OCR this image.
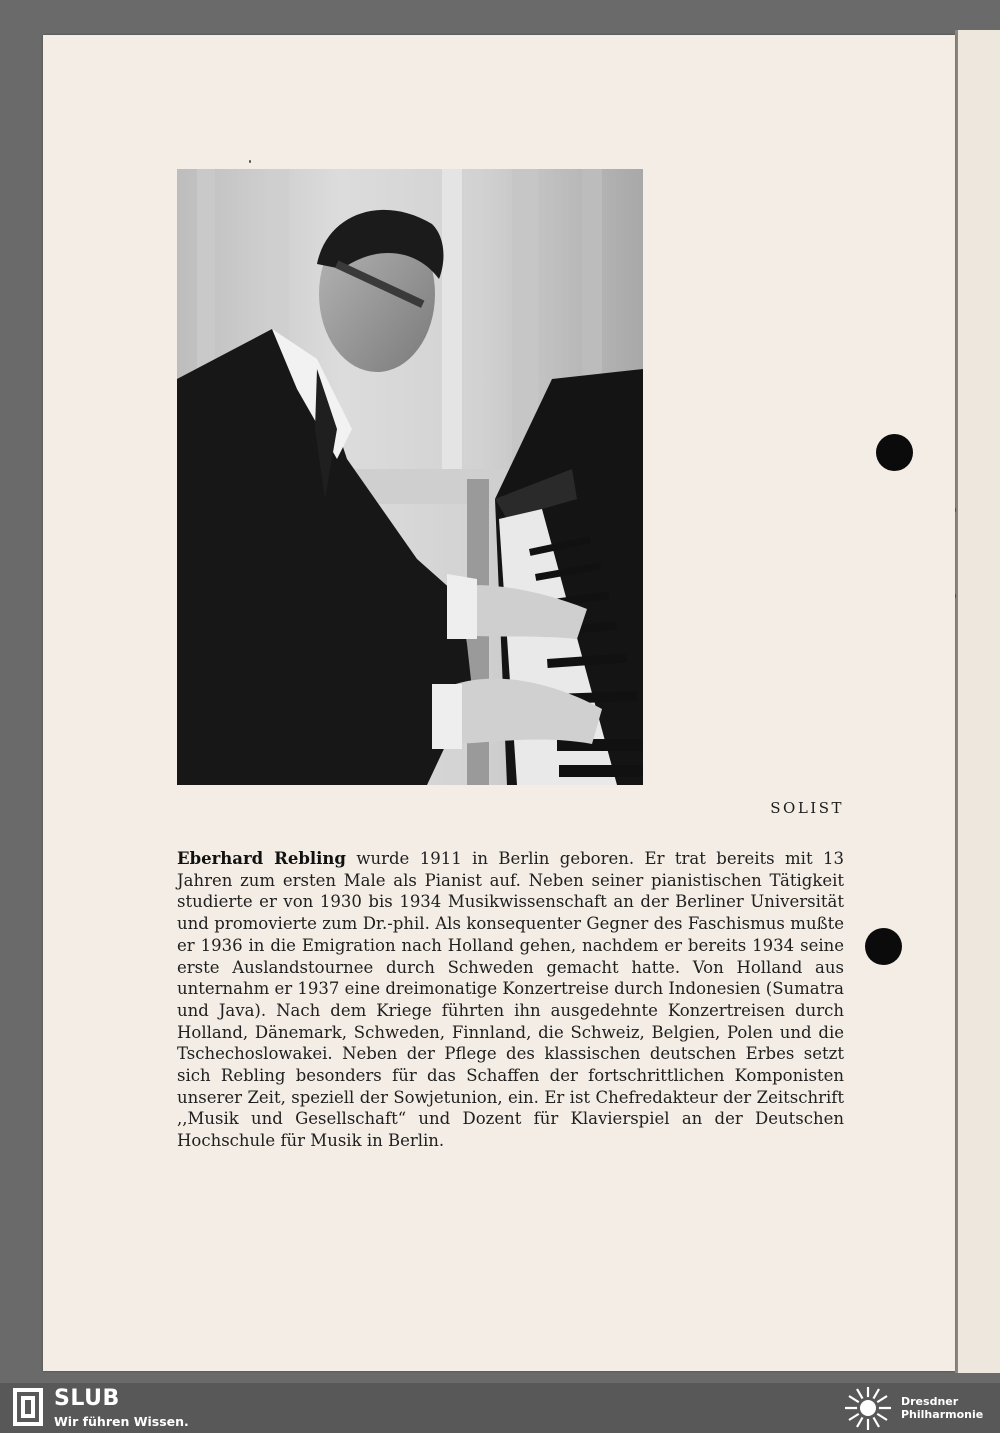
SOLIST

Eberhard Rebling wurde 1911 in Berlin geboren. Er trat bereits mit 13 Jahren zum ersten Male als Pianist auf. Neben seiner pianistischen Tätigkeit studierte er von 1930 bis 1934 Musikwissenschaft an der Berliner Universität und promovierte zum Dr.-phil. Als konsequenter Gegner des Faschismus mußte er 1936 in die Emigration nach Holland gehen, nachdem er bereits 1934 seine erste Auslandstournee durch Schweden gemacht hatte. Von Holland aus unternahm er 1937 eine dreimonatige Konzertreise durch Indonesien (Sumatra und Java). Nach dem Kriege führten ihn ausgedehnte Konzertreisen durch Holland, Dänemark, Schweden, Finnland, die Schweiz, Belgien, Polen und die Tschechoslowakei. Neben der Pflege des klassischen deutschen Erbes setzt sich Rebling besonders für das Schaffen der fortschrittlichen Komponisten unserer Zeit, speziell der Sowjetunion, ein. Er ist Chefredakteur der Zeitschrift ,,Musik und Gesellschaft“ und Dozent für Klavierspiel an der Deutschen Hochschule für Musik in Berlin.

SLUB
Wir führen Wissen.
Dresdner
Philharmonie
